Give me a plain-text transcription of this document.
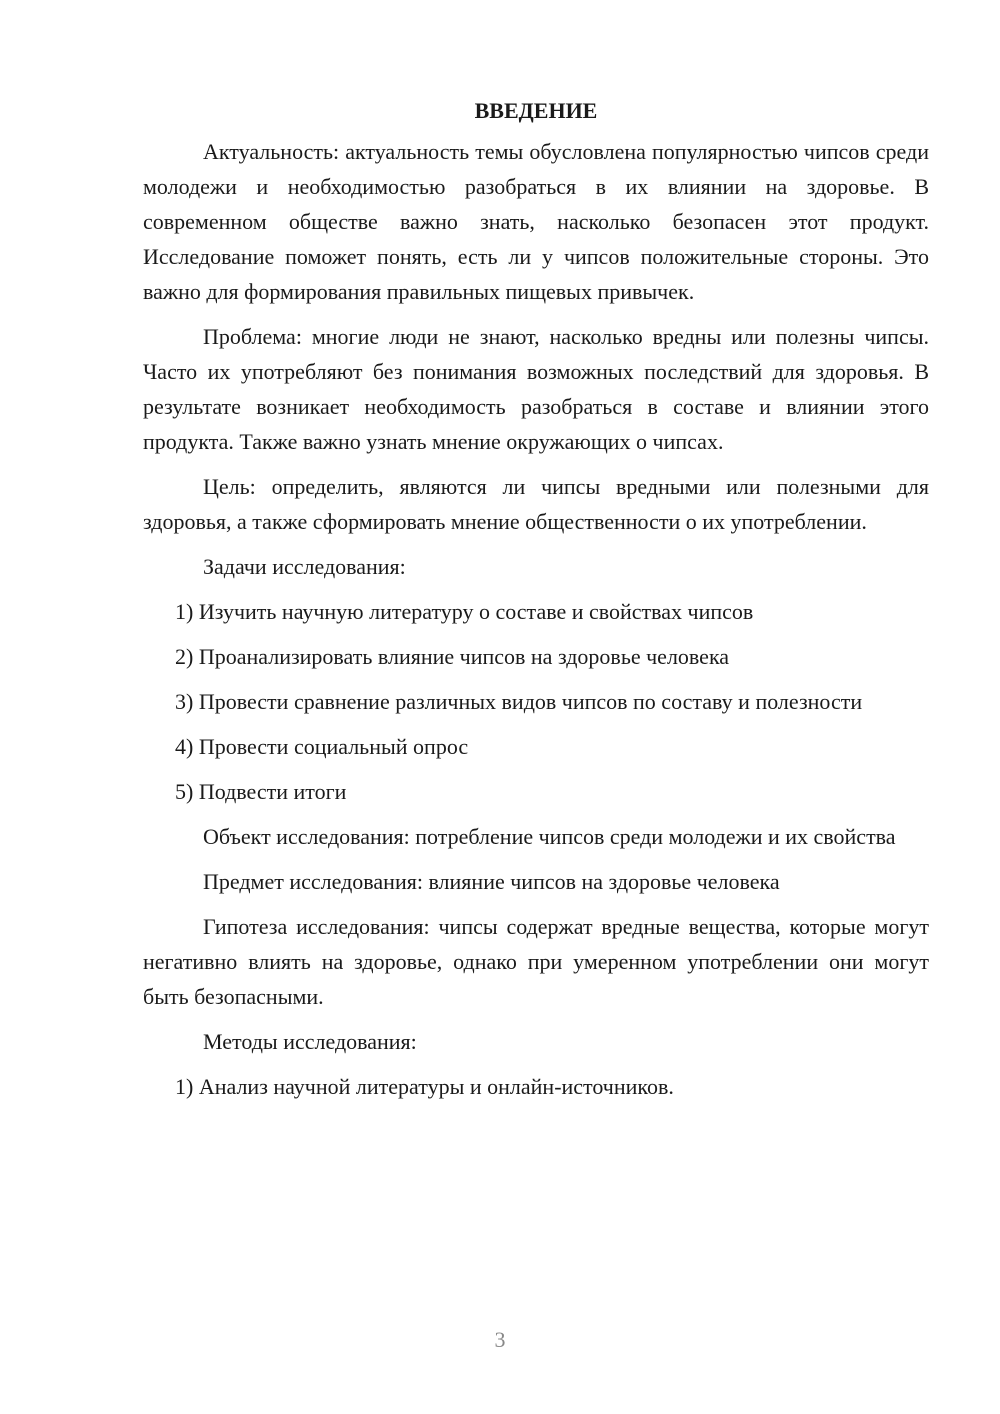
ВВЕДЕНИЕ

Актуальность: актуальность темы обусловлена популярностью чипсов среди молодежи и необходимостью разобраться в их влиянии на здоровье. В современном обществе важно знать, насколько безопасен этот продукт. Исследование поможет понять, есть ли у чипсов положительные стороны. Это важно для формирования правильных пищевых привычек.

Проблема: многие люди не знают, насколько вредны или полезны чипсы. Часто их употребляют без понимания возможных последствий для здоровья. В результате возникает необходимость разобраться в составе и влиянии этого продукта. Также важно узнать мнение окружающих о чипсах.

Цель: определить, являются ли чипсы вредными или полезными для здоровья, а также сформировать мнение общественности о их употреблении.

Задачи исследования:

1) Изучить научную литературу о составе и свойствах чипсов

2) Проанализировать влияние чипсов на здоровье человека

3) Провести сравнение различных видов чипсов по составу и полезности

4) Провести социальный опрос

5) Подвести итоги

Объект исследования: потребление чипсов среди молодежи и их свойства

Предмет исследования: влияние чипсов на здоровье человека

Гипотеза исследования: чипсы содержат вредные вещества, которые могут негативно влиять на здоровье, однако при умеренном употреблении они могут быть безопасными.

Методы исследования:

1) Анализ научной литературы и онлайн-источников.

3
